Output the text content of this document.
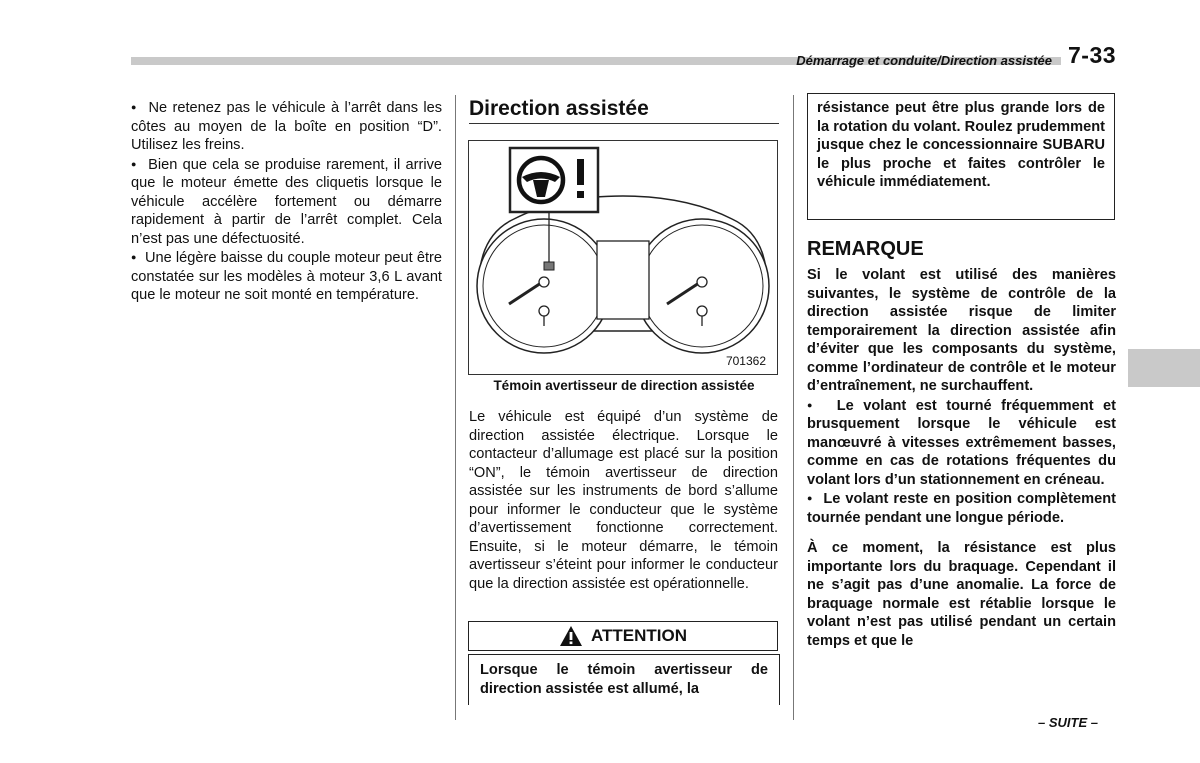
Démarrage et conduite/Direction assistée 7-33

● Ne retenez pas le véhicule à l’arrêt dans les côtes au moyen de la boîte en position “D”. Utilisez les freins.

● Bien que cela se produise rarement, il arrive que le moteur émette des cliquetis lorsque le véhicule accélère fortement ou démarre rapidement à partir de l’arrêt complet. Cela n’est pas une défectuosité.

● Une légère baisse du couple moteur peut être constatée sur les modèles à moteur 3,6 L avant que le moteur ne soit monté en température.

Direction assistée
701362
Témoin avertisseur de direction assistée

Le véhicule est équipé d’un système de direction assistée électrique. Lorsque le contacteur d’allumage est placé sur la position “ON”, le témoin avertisseur de direction assistée sur les instruments de bord s’allume pour informer le conducteur que le système d’avertissement fonctionne correctement. Ensuite, si le moteur démarre, le témoin avertisseur s’éteint pour informer le conducteur que la direction assistée est opérationnelle.

ATTENTION

Lorsque le témoin avertisseur de direction assistée est allumé, la

résistance peut être plus grande lors de la rotation du volant. Roulez prudemment jusque chez le concessionnaire SUBARU le plus proche et faites contrôler le véhicule immédiatement.

REMARQUE

Si le volant est utilisé des manières suivantes, le système de contrôle de la direction assistée risque de limiter temporairement la direction assistée afin d’éviter que les composants du système, comme l’ordinateur de contrôle et le moteur d’entraînement, ne surchauffent.

● Le volant est tourné fréquemment et brusquement lorsque le véhicule est manœuvré à vitesses extrêmement basses, comme en cas de rotations fréquentes du volant lors d’un stationnement en créneau.

● Le volant reste en position complètement tournée pendant une longue période.

À ce moment, la résistance est plus importante lors du braquage. Cependant il ne s’agit pas d’une anomalie. La force de braquage normale est rétablie lorsque le volant n’est pas utilisé pendant un certain temps et que le

– SUITE –
